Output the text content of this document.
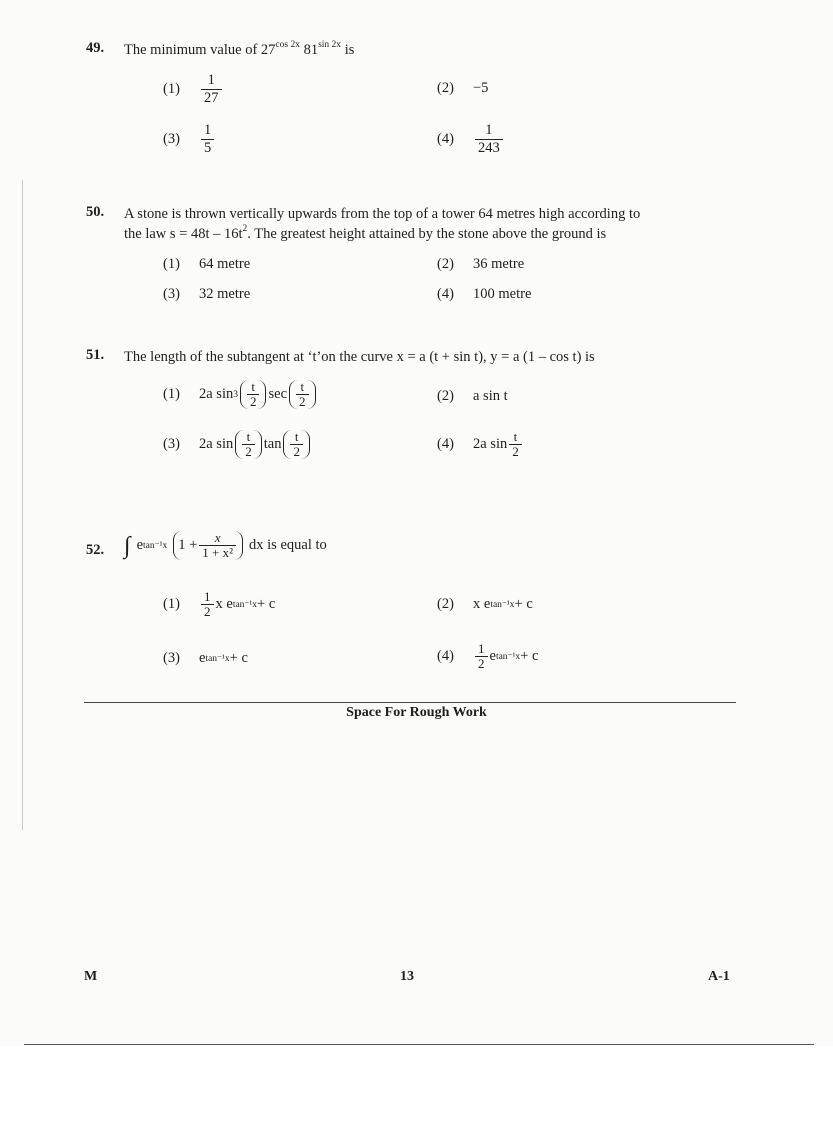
49. The minimum value of $27^{cos 2x}$ $81^{sin 2x}$ is
(1)	$\frac{1}{27}$	(2)	−5
(3)	$\frac{1}{5}$	(4)	$\frac{1}{243}$
50. A stone is thrown vertically upwards from the top of a tower 64 metres high according to
the law $s = 48t - 16t^2$. The greatest height attained by the stone above the ground is
(1)	64 metre	(2)	36 metre
(3)	32 metre	(4)	100 metre
51. The length of the subtangent at ‘t’on the curve x = a (t + sin t), y = a (1 – cos t) is
(1)	2a $\sin 3 \frac{t}{2}$ $\sec \frac{t}{2}$	(2)	a sin t
(3)	2a $\sin \frac{t}{2}$ $\tan \frac{t}{2}$	(4)	2a $\sin \frac{t}{2}$
52. ∫ e tan⁻¹x $1 + \frac{x}{\text{1 + x²}}$ dx is equal to
(1)	$\frac{1}{2}$ x e tan⁻¹x + c	(2)	x e tan⁻¹x + c
(3)	e tan⁻¹x + c	(4)	$\frac{1}{2}$ e tan⁻¹x + c
Space For Rough Work
M	13	A-1
